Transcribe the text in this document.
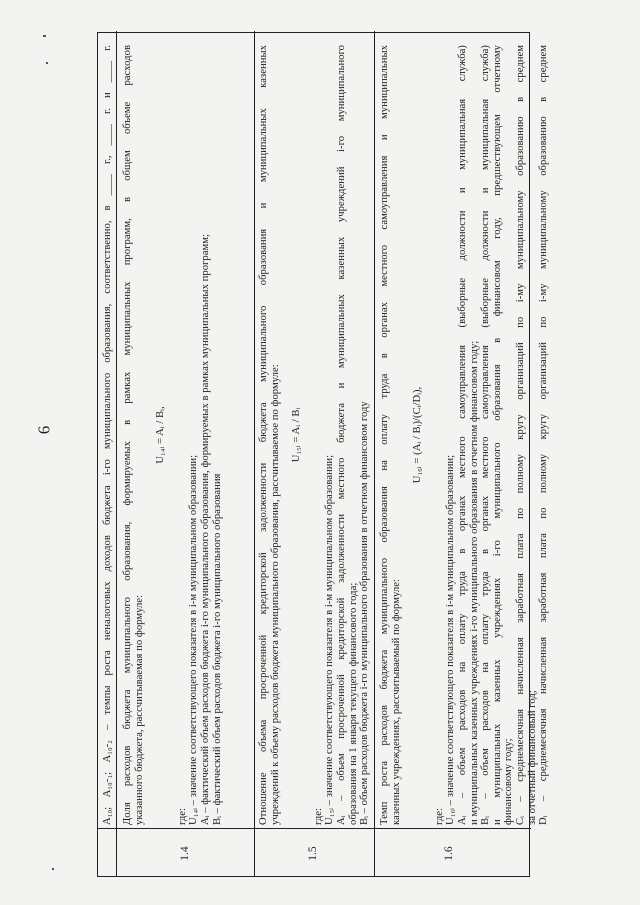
6	A₁₀; A₁₀-₁; A₁₀-₂ – темпы роста неналоговых доходов бюджета i-го муниципального образования, соответственно, в ____ г., ____ г. и ____ г.
1.4

Доля расходов бюджета муниципального образования, формируемых в рамках муниципальных программ, в общем объеме расходов указанного бюджета, рассчитываемая по формуле:

U₁₄ᵢ = Aᵢ / Bᵢ,

где: U₁₄ᵢ – значение соответствующего показателя в i-м муниципальном образовании; Aᵢ – фактический объем расходов бюджета i-го муниципального образования, формируемых в рамках муниципальных программ; Bᵢ – фактический объем расходов бюджета i-го муниципального образования

1.5

Отношение объема просроченной кредиторской задолженности бюджета муниципального образования и муниципальных казенных учреждений к объему расходов бюджета муниципального образования, рассчитываемое по формуле: U₁₅ᵢ = Aᵢ / Bᵢ

где: U₁₅ᵢ – значение соответствующего показателя в i-м муниципальном образовании; Aᵢ – объем просроченной кредиторской задолженности местного бюджета и муниципальных казенных учреждений i-го муниципального образования на 1 января текущего финансового года; Bᵢ – объем расходов бюджета i-го муниципального образования в отчетном финансовом году

1.6

Темп роста расходов бюджета муниципального образования на оплату труда в органах местного самоуправления и муниципальных казенных учреждениях, рассчитываемый по формуле:

U₁₆ᵢ = (Aᵢ / Bᵢ)/(Cᵢ/Dᵢ),

где: U₁₆ᵢ – значение соответствующего показателя в i-м муниципальном образовании; Aᵢ – объем расходов на оплату труда в органах местного самоуправления (выборные должности и муниципальная служба) и муниципальных казенных учреждениях i-го муниципального образования в отчетном финансовом году; Bᵢ – объем расходов на оплату труда в органах местного самоуправления (выборные должности и муниципальная служба) и муниципальных казенных учреждениях i-го муниципального образования в финансовом году, предшествующем отчетному финансовому году; Cᵢ – среднемесячная начисленная заработная плата по полному кругу организаций по i-му муниципальному образованию в среднем за отчетный финансовый год; Dᵢ – среднемесячная начисленная заработная плата по полному кругу организаций по i-му муниципальному образованию в среднем
